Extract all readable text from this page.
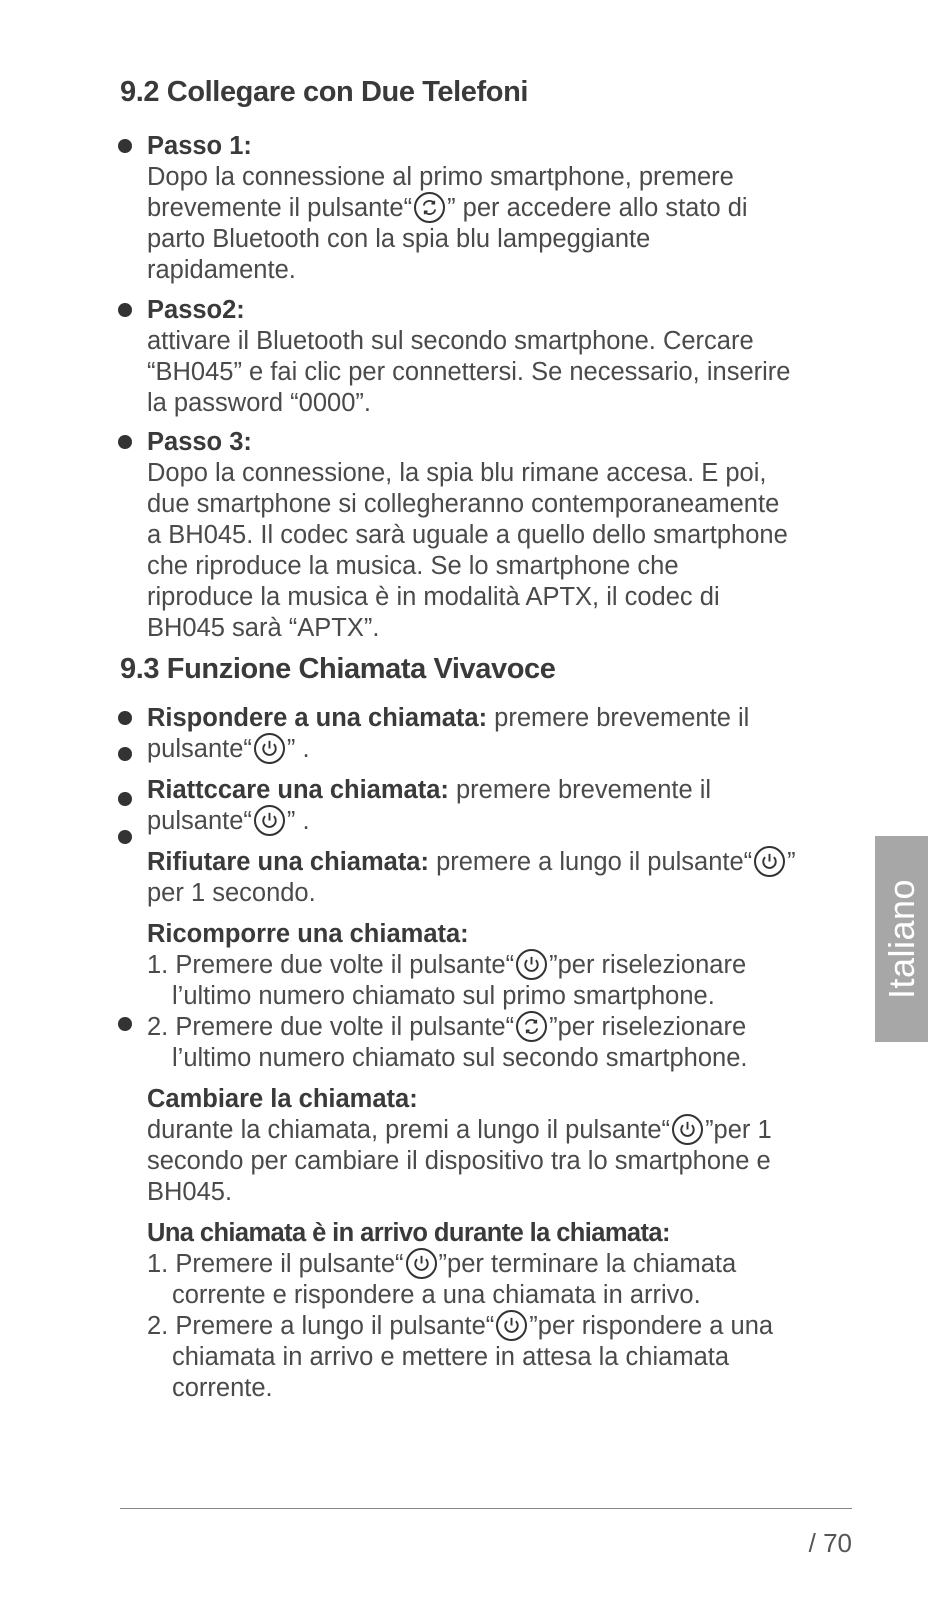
9.2 Collegare con Due Telefoni
Passo 1:
Dopo la connessione al primo smartphone, premere
brevemente il pulsante“ ” per accedere allo stato di
parto Bluetooth con la spia blu lampeggiante
rapidamente.
Passo2:
attivare il Bluetooth sul secondo smartphone. Cercare
“BH045” e fai clic per connettersi. Se necessario, inserire
la password “0000”.
Passo 3:
Dopo la connessione, la spia blu rimane accesa. E poi,
due smartphone si collegheranno contemporaneamente
a BH045. Il codec sarà uguale a quello dello smartphone
che riproduce la musica. Se lo smartphone che
riproduce la musica è in modalità APTX, il codec di
BH045 sarà “APTX”.
9.3 Funzione Chiamata Vivavoce
Rispondere a una chiamata: premere brevemente il
pulsante“ ” .
Riattccare una chiamata: premere brevemente il
pulsante“ ” .
Rifiutare una chiamata: premere a lungo il pulsante“ ”
per 1 secondo.
Ricomporre una chiamata:
1. Premere due volte il pulsante“ ”per riselezionare
l’ultimo numero chiamato sul primo smartphone.
2. Premere due volte il pulsante“ ”per riselezionare
l’ultimo numero chiamato sul secondo smartphone.
Cambiare la chiamata:
durante la chiamata, premi a lungo il pulsante“ ”per 1
secondo per cambiare il dispositivo tra lo smartphone e
BH045.
Una chiamata è in arrivo durante la chiamata:
1. Premere il pulsante“ ”per terminare la chiamata
corrente e rispondere a una chiamata in arrivo.
2. Premere a lungo il pulsante“ ”per rispondere a una
chiamata in arrivo e mettere in attesa la chiamata
corrente.
Italiano
/ 70
